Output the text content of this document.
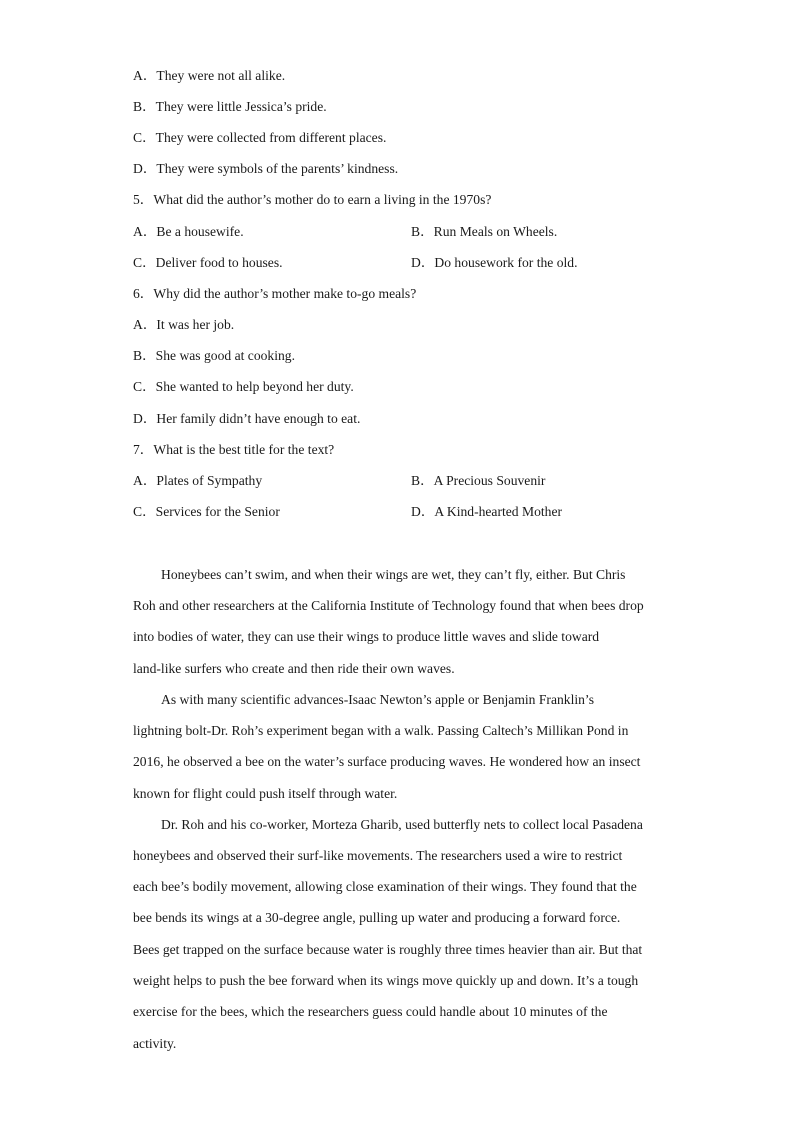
A．They were not all alike.
B．They were little Jessica’s pride.
C．They were collected from different places.
D．They were symbols of the parents’ kindness.
5．What did the author’s mother do to earn a living in the 1970s?
A．Be a housewife.	B．Run Meals on Wheels.
C．Deliver food to houses.	D．Do housework for the old.
6．Why did the author’s mother make to-go meals?
A．It was her job.
B．She was good at cooking.
C．She wanted to help beyond her duty.
D．Her family didn’t have enough to eat.
7．What is the best title for the text?
A．Plates of Sympathy	B．A Precious Souvenir
C．Services for the Senior	D．A Kind-hearted Mother
Honeybees can’t swim, and when their wings are wet, they can’t fly, either. But Chris
Roh and other researchers at the California Institute of Technology found that when bees drop
into bodies of water, they can use their wings to produce little waves and slide toward
land-like surfers who create and then ride their own waves.
As with many scientific advances-Isaac Newton’s apple or Benjamin Franklin’s
lightning bolt-Dr. Roh’s experiment began with a walk. Passing Caltech’s Millikan Pond in
2016, he observed a bee on the water’s surface producing waves. He wondered how an insect
known for flight could push itself through water.
Dr. Roh and his co-worker, Morteza Gharib, used butterfly nets to collect local Pasadena
honeybees and observed their surf-like movements. The researchers used a wire to restrict
each bee’s bodily movement, allowing close examination of their wings. They found that the
bee bends its wings at a 30-degree angle, pulling up water and producing a forward force.
Bees get trapped on the surface because water is roughly three times heavier than air. But that
weight helps to push the bee forward when its wings move quickly up and down. It’s a tough
exercise for the bees, which the researchers guess could handle about 10 minutes of the
activity.
